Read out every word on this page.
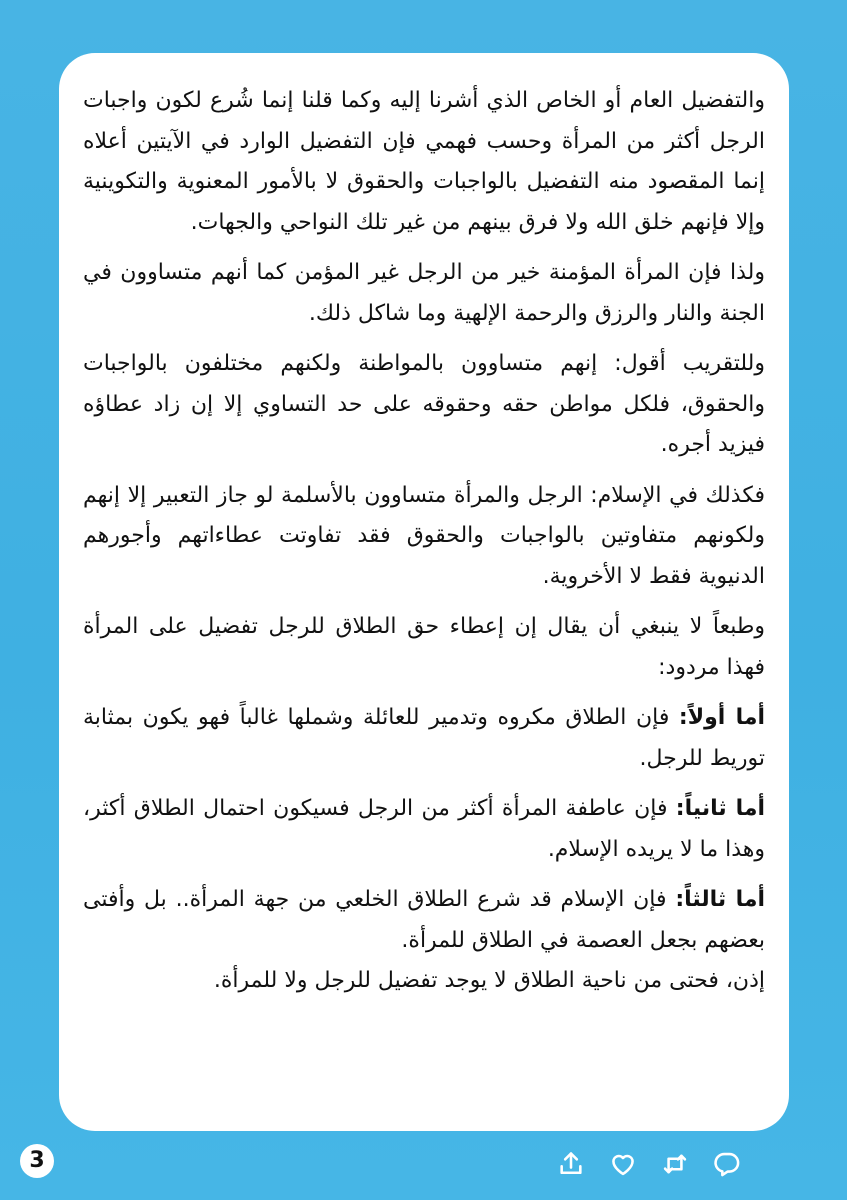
والتفضيل العام أو الخاص الذي أشرنا إليه وكما قلنا إنما شُرع لكون واجبات الرجل أكثر من المرأة وحسب فهمي فإن التفضيل الوارد في الآيتين أعلاه إنما المقصود منه التفضيل بالواجبات والحقوق لا بالأمور المعنوية والتكوينية وإلا فإنهم خلق الله ولا فرق بينهم من غير تلك النواحي والجهات.

ولذا فإن المرأة المؤمنة خير من الرجل غير المؤمن كما أنهم متساوون في الجنة والنار والرزق والرحمة الإلهية وما شاكل ذلك.

وللتقريب أقول: إنهم متساوون بالمواطنة ولكنهم مختلفون بالواجبات والحقوق، فلكل مواطن حقه وحقوقه على حد التساوي إلا إن زاد عطاؤه فيزيد أجره.

فكذلك في الإسلام: الرجل والمرأة متساوون بالأسلمة لو جاز التعبير إلا إنهم ولكونهم متفاوتين بالواجبات والحقوق فقد تفاوتت عطاءاتهم وأجورهم الدنيوية فقط لا الأخروية.

وطبعاً لا ينبغي أن يقال إن إعطاء حق الطلاق للرجل تفضيل على المرأة فهذا مردود:

أما أولاً: فإن الطلاق مكروه وتدمير للعائلة وشملها غالباً فهو يكون بمثابة توريط للرجل.

أما ثانياً: فإن عاطفة المرأة أكثر من الرجل فسيكون احتمال الطلاق أكثر، وهذا ما لا يريده الإسلام.

أما ثالثاً: فإن الإسلام قد شرع الطلاق الخلعي من جهة المرأة.. بل وأفتى بعضهم بجعل العصمة في الطلاق للمرأة.

إذن، فحتى من ناحية الطلاق لا يوجد تفضيل للرجل ولا للمرأة.

3
